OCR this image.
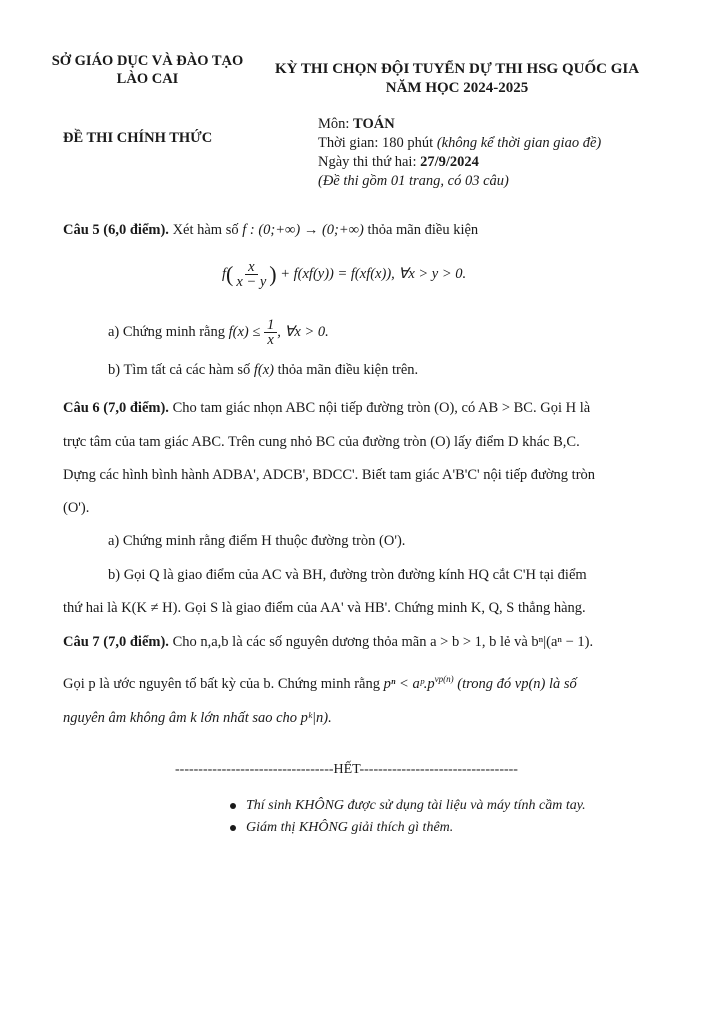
SỞ GIÁO DỤC VÀ ĐÀO TẠO
LÀO CAI
KỲ THI CHỌN ĐỘI TUYỂN DỰ THI HSG QUỐC GIA
NĂM HỌC 2024-2025
ĐỀ THI CHÍNH THỨC
Môn: TOÁN
Thời gian: 180 phút (không kể thời gian giao đề)
Ngày thi thứ hai: 27/9/2024
(Đề thi gồm 01 trang, có 03 câu)
Câu 5 (6,0 điểm). Xét hàm số f : (0;+∞) → (0;+∞) thỏa mãn điều kiện
$f( \frac{x}{x - y}$ ) + f(xf(y)) = f(xf(x)), ∀x > y > 0.
a) Chứng minh rằng $f(x) \le \frac{1}{x}$ , ∀x > 0.
b) Tìm tất cả các hàm số f(x) thỏa mãn điều kiện trên.
Câu 6 (7,0 điểm). Cho tam giác nhọn ABC nội tiếp đường tròn (O), có AB > BC. Gọi H là
trực tâm của tam giác ABC. Trên cung nhỏ BC của đường tròn (O) lấy điểm D khác B,C.
Dựng các hình bình hành ADBA', ADCB', BDCC'. Biết tam giác A'B'C' nội tiếp đường tròn
(O').
a) Chứng minh rằng điểm H thuộc đường tròn (O').
b) Gọi Q là giao điểm của AC và BH, đường tròn đường kính HQ cắt C'H tại điểm
thứ hai là K(K ≠ H). Gọi S là giao điểm của AA' và HB'. Chứng minh K, Q, S thẳng hàng.
Câu 7 (7,0 điểm). Cho n,a,b là các số nguyên dương thỏa mãn a > b > 1, b lẻ và bⁿ|(aⁿ − 1).
Gọi p là ước nguyên tố bất kỳ của b. Chứng minh rằng $p^n < aᵖ.p^{vp(n)}$ (trong đó vp(n) là số
nguyên âm không âm k lớn nhất sao cho pᵏ|n).
----------------------------------HẾT----------------------------------
Thí sinh KHÔNG được sử dụng tài liệu và máy tính cầm tay.
Giám thị KHÔNG giải thích gì thêm.
